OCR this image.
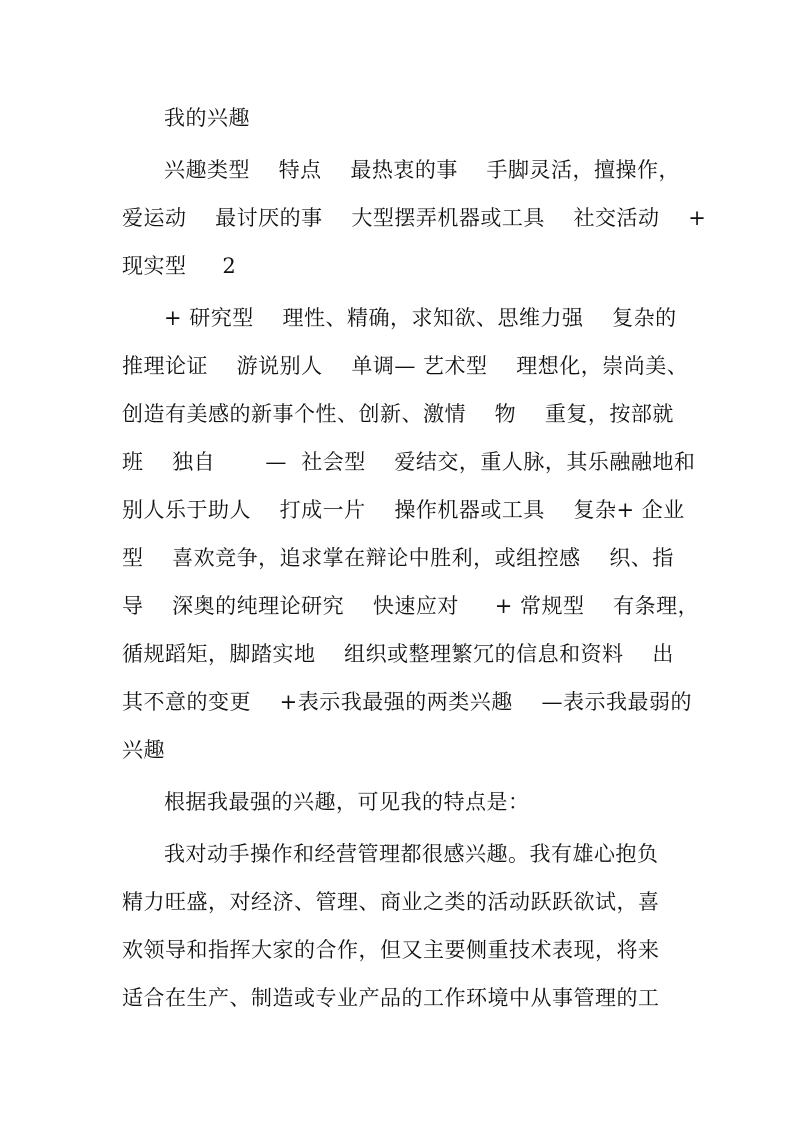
我的兴趣
兴趣类型　 特点　 最热衷的事　 手脚灵活，擅操作，
爱运动　 最讨厌的事　 大型摆弄机器或工具　 社交活动　 +
现实型　  2
+ 研究型　 理性、精确，求知欲、思维力强　 复杂的
推理论证　 游说别人　 单调— 艺术型　 理想化，崇尚美、
创造有美感的新事个性、创新、激情　 物　 重复，按部就
班　 独自　　 —  社会型　 爱结交，重人脉，其乐融融地和
别人乐于助人　 打成一片　 操作机器或工具　 复杂+ 企业
型　 喜欢竞争，追求掌在辩论中胜利，或组控感　 织、指
导　 深奥的纯理论研究　 快速应对　  + 常规型　 有条理，
循规蹈矩，脚踏实地　 组织或整理繁冗的信息和资料　 出
其不意的变更　 +表示我最强的两类兴趣　 —表示我最弱的
兴趣
根据我最强的兴趣，可见我的特点是：
我对动手操作和经营管理都很感兴趣。我有雄心抱负
精力旺盛，对经济、管理、商业之类的活动跃跃欲试，喜
欢领导和指挥大家的合作，但又主要侧重技术表现，将来
适合在生产、制造或专业产品的工作环境中从事管理的工
